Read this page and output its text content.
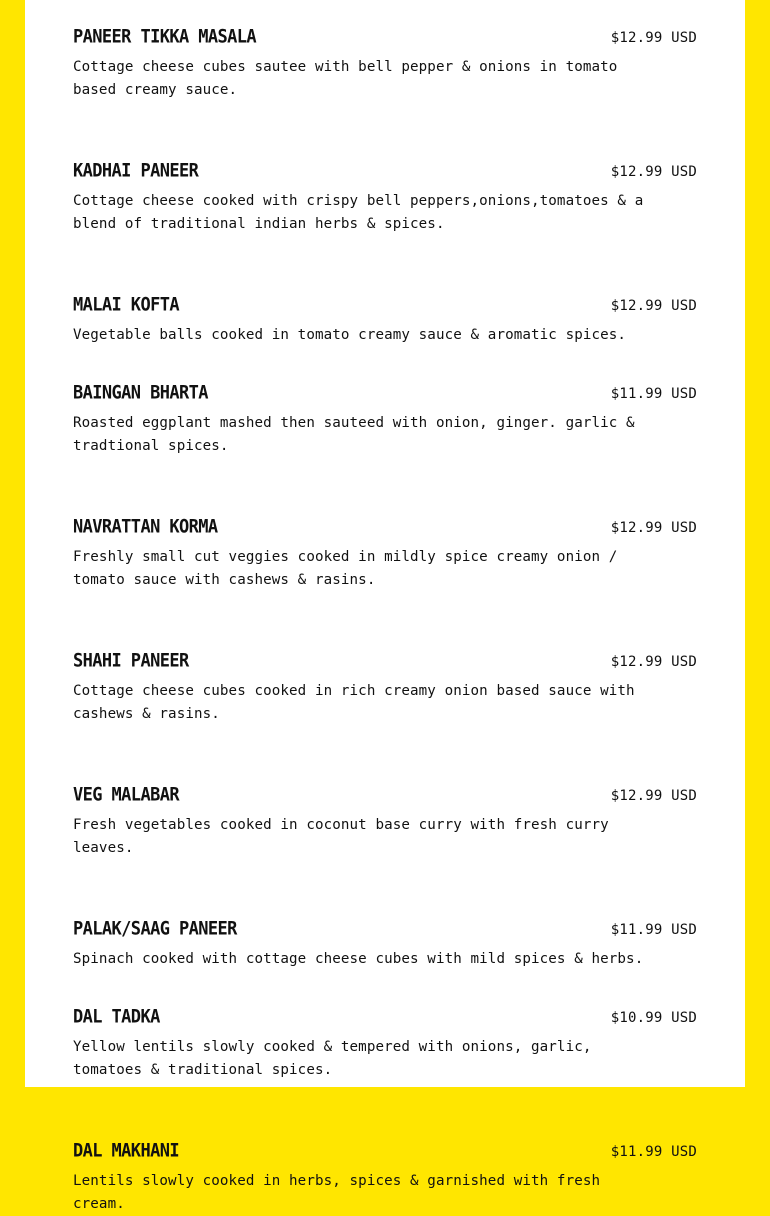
PANEER TIKKA MASALA	$12.99 USD
Cottage cheese cubes sautee with bell pepper & onions in tomato based creamy sauce.
KADHAI PANEER	$12.99 USD
Cottage cheese cooked with crispy bell peppers,onions,tomatoes & a blend of traditional indian herbs & spices.
MALAI KOFTA	$12.99 USD
Vegetable balls cooked in tomato creamy sauce & aromatic spices.
BAINGAN BHARTA	$11.99 USD
Roasted eggplant mashed then sauteed with onion, ginger. garlic & tradtional spices.
NAVRATTAN KORMA	$12.99 USD
Freshly small cut veggies cooked in mildly spice creamy onion / tomato sauce with cashews & rasins.
SHAHI PANEER	$12.99 USD
Cottage cheese cubes cooked in rich creamy onion based sauce with cashews & rasins.
VEG MALABAR	$12.99 USD
Fresh vegetables cooked in coconut base curry with fresh curry leaves.
PALAK/SAAG PANEER	$11.99 USD
Spinach cooked with cottage cheese cubes with mild spices & herbs.
DAL TADKA	$10.99 USD
Yellow lentils slowly cooked & tempered with onions, garlic, tomatoes & traditional spices.
DAL MAKHANI	$11.99 USD
Lentils slowly cooked in herbs, spices & garnished with fresh cream.
